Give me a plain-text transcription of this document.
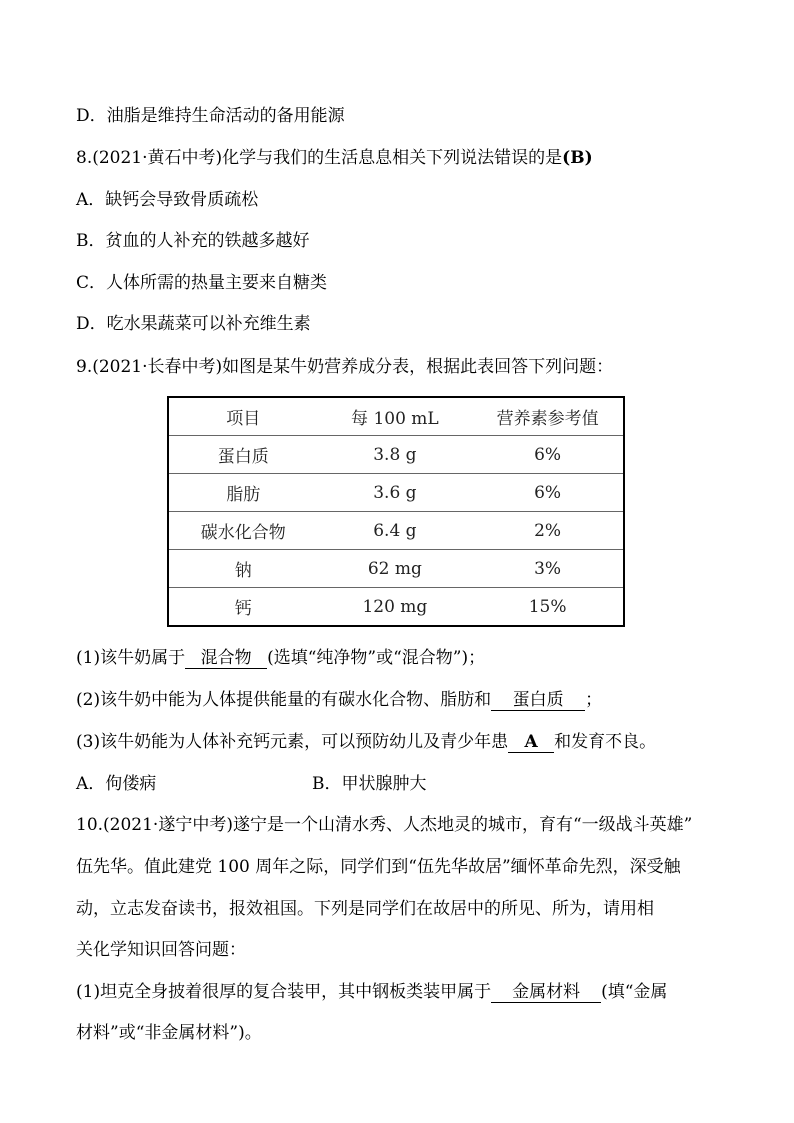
D．油脂是维持生命活动的备用能源
8.(2021·黄石中考)化学与我们的生活息息相关下列说法错误的是(B)
A．缺钙会导致骨质疏松
B．贫血的人补充的铁越多越好
C．人体所需的热量主要来自糖类
D．吃水果蔬菜可以补充维生素
9.(2021·长春中考)如图是某牛奶营养成分表，根据此表回答下列问题：
项目	每 100 mL	营养素参考值
蛋白质	3.8 g	6%
脂肪	3.6 g	6%
碳水化合物	6.4 g	2%
钠	62 mg	3%
钙	120 mg	15%
(1)该牛奶属于 混合物 (选填“纯净物”或“混合物”)；
(2)该牛奶中能为人体提供能量的有碳水化合物、脂肪和 蛋白质 ；
(3)该牛奶能为人体补充钙元素，可以预防幼儿及青少年患 A 和发育不良。
A．佝偻病	B．甲状腺肿大
10.(2021·遂宁中考)遂宁是一个山清水秀、人杰地灵的城市，育有“一级战斗英雄”
伍先华。值此建党 100 周年之际，同学们到“伍先华故居”缅怀革命先烈，深受触
动，立志发奋读书，报效祖国。下列是同学们在故居中的所见、所为，请用相
关化学知识回答问题：
(1)坦克全身披着很厚的复合装甲，其中钢板类装甲属于 金属材料 (填“金属
材料”或“非金属材料”)。
